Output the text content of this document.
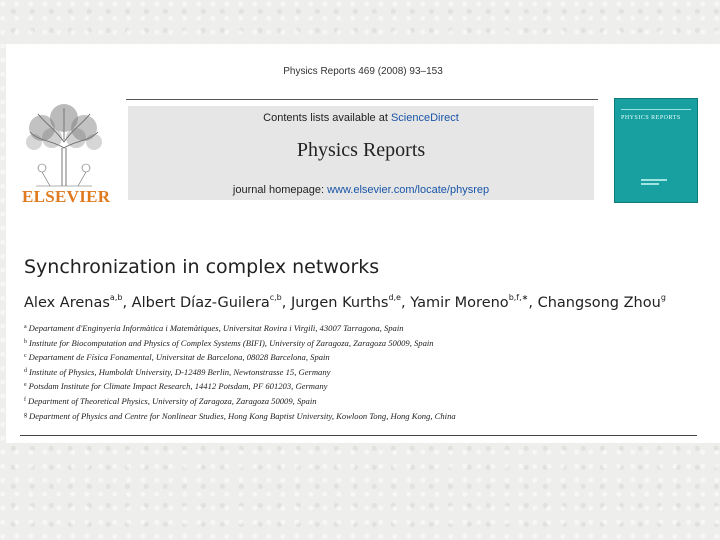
Physics Reports 469 (2008) 93–153
ELSEVIER
Contents lists available at ScienceDirect
Physics Reports
journal homepage: www.elsevier.com/locate/physrep
PHYSICS REPORTS
Synchronization in complex networks
Alex Arenas$^{a,b}$, Albert Díaz-Guilera$^{c,b}$, Jurgen Kurths$^{d,e}$, Yamir Moreno$^{b,f,∗}$, Changsong Zhou$^g$
$^a$ Departament d'Enginyeria Informàtica i Matemàtiques, Universitat Rovira i Virgili, 43007 Tarragona, Spain
$^b$ Institute for Biocomputation and Physics of Complex Systems (BIFI), University of Zaragoza, Zaragoza 50009, Spain
$^c$ Departament de Física Fonamental, Universitat de Barcelona, 08028 Barcelona, Spain
$^d$ Institute of Physics, Humboldt University, D-12489 Berlin, Newtonstrasse 15, Germany
$^e$ Potsdam Institute for Climate Impact Research, 14412 Potsdam, PF 601203, Germany
$^f$ Department of Theoretical Physics, University of Zaragoza, Zaragoza 50009, Spain
$^g$ Department of Physics and Centre for Nonlinear Studies, Hong Kong Baptist University, Kowloon Tong, Hong Kong, China
